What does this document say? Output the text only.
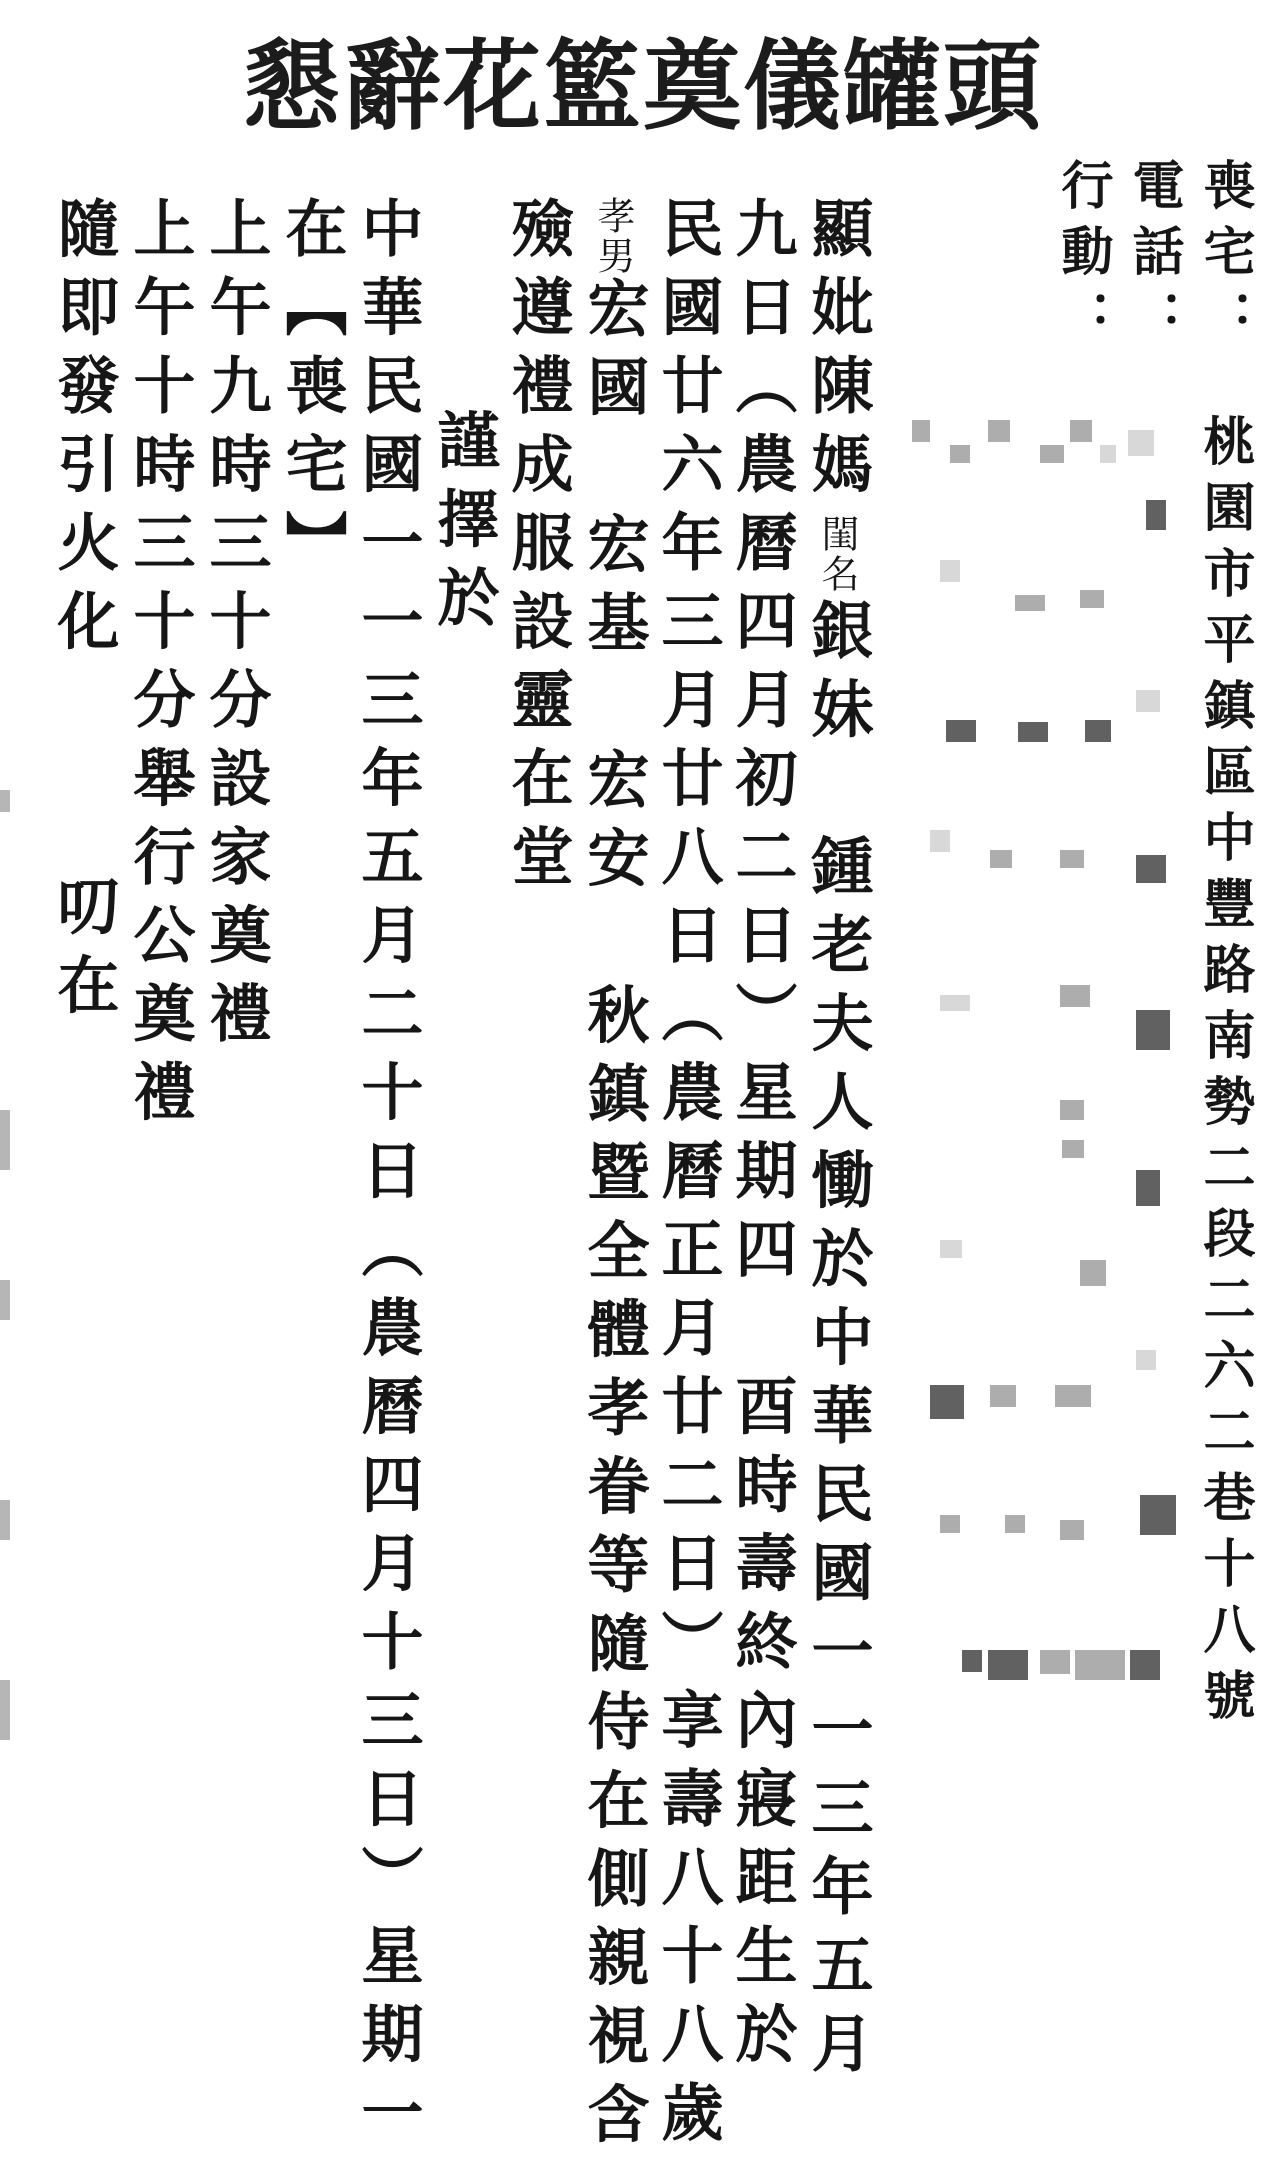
懇辭花籃奠儀罐頭
喪宅：桃園市平鎮區中豐路南勢二段二六二巷十八號
電話：
行動：
顯妣陳媽閨名銀妹　鍾老夫人慟於中華民國一一三年五月
九日（農曆四月初二日）星期四　酉時壽終內寢距生於
民國廿六年三月廿八日（農曆正月廿二日）享壽八十八歲
孝男宏國　宏基　宏安　秋鎮暨全體孝眷等隨侍在側親視含
殮遵禮成服設靈在堂
謹擇於
中華民國一一三年五月二十日（農曆四月十三日）星期一
在【喪宅】
上午九時三十分設家奠禮
上午十時三十分舉行公奠禮
隨即發引火化
叨在
